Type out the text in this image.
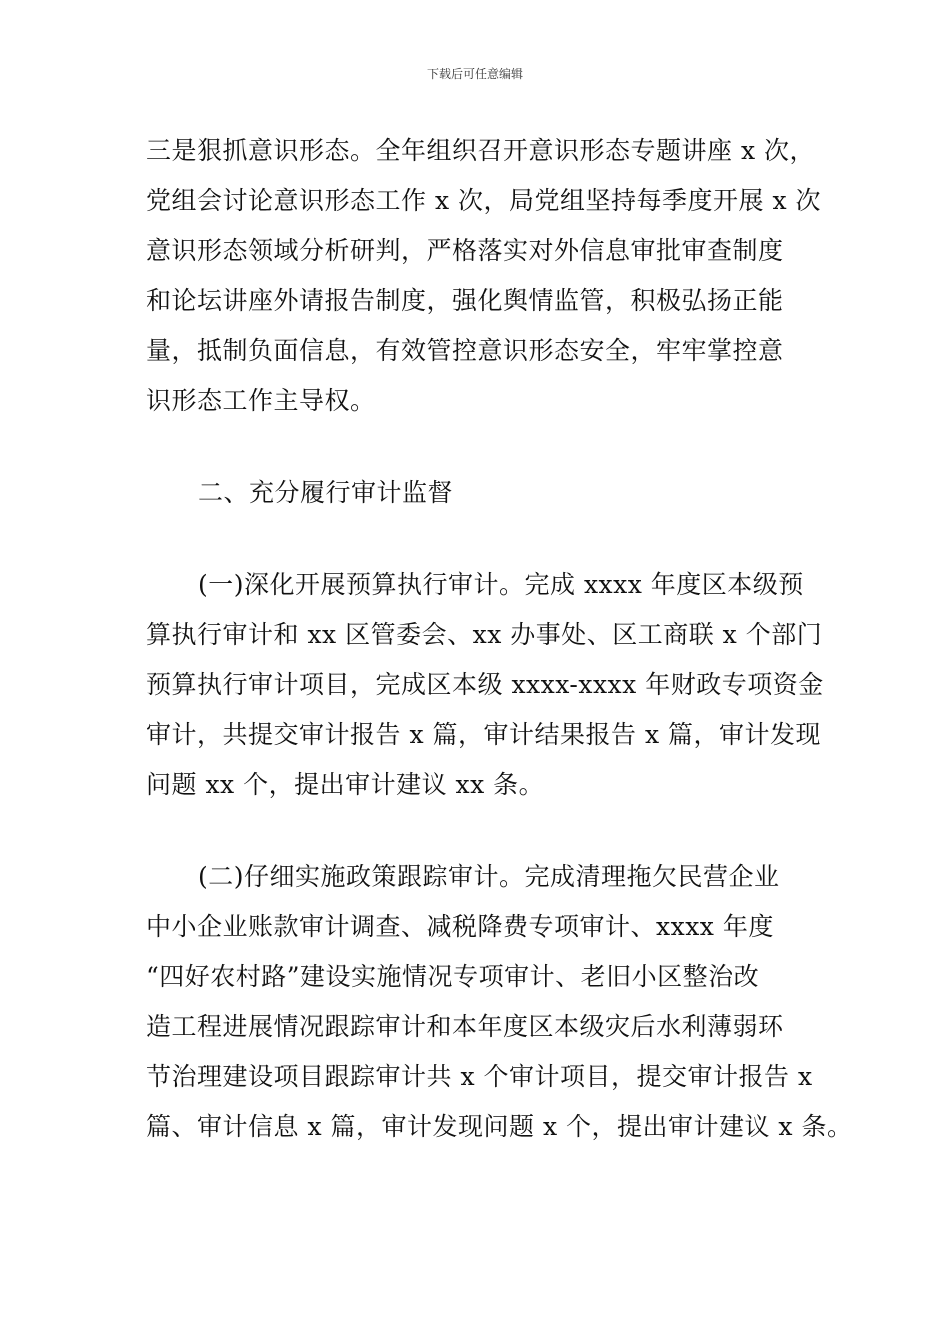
下载后可任意编辑
三是狠抓意识形态。全年组织召开意识形态专题讲座 x 次，
党组会讨论意识形态工作 x 次，局党组坚持每季度开展 x 次
意识形态领域分析研判，严格落实对外信息审批审查制度
和论坛讲座外请报告制度，强化舆情监管，积极弘扬正能
量，抵制负面信息，有效管控意识形态安全，牢牢掌控意
识形态工作主导权。
二、充分履行审计监督
(一)深化开展预算执行审计。完成 xxxx 年度区本级预
算执行审计和 xx 区管委会、xx 办事处、区工商联 x 个部门
预算执行审计项目，完成区本级 xxxx-xxxx 年财政专项资金
审计，共提交审计报告 x 篇，审计结果报告 x 篇，审计发现
问题 xx 个，提出审计建议 xx 条。
(二)仔细实施政策跟踪审计。完成清理拖欠民营企业
中小企业账款审计调查、减税降费专项审计、xxxx 年度
“四好农村路”建设实施情况专项审计、老旧小区整治改
造工程进展情况跟踪审计和本年度区本级灾后水利薄弱环
节治理建设项目跟踪审计共 x 个审计项目，提交审计报告 x
篇、审计信息 x 篇，审计发现问题 x 个，提出审计建议 x 条。
